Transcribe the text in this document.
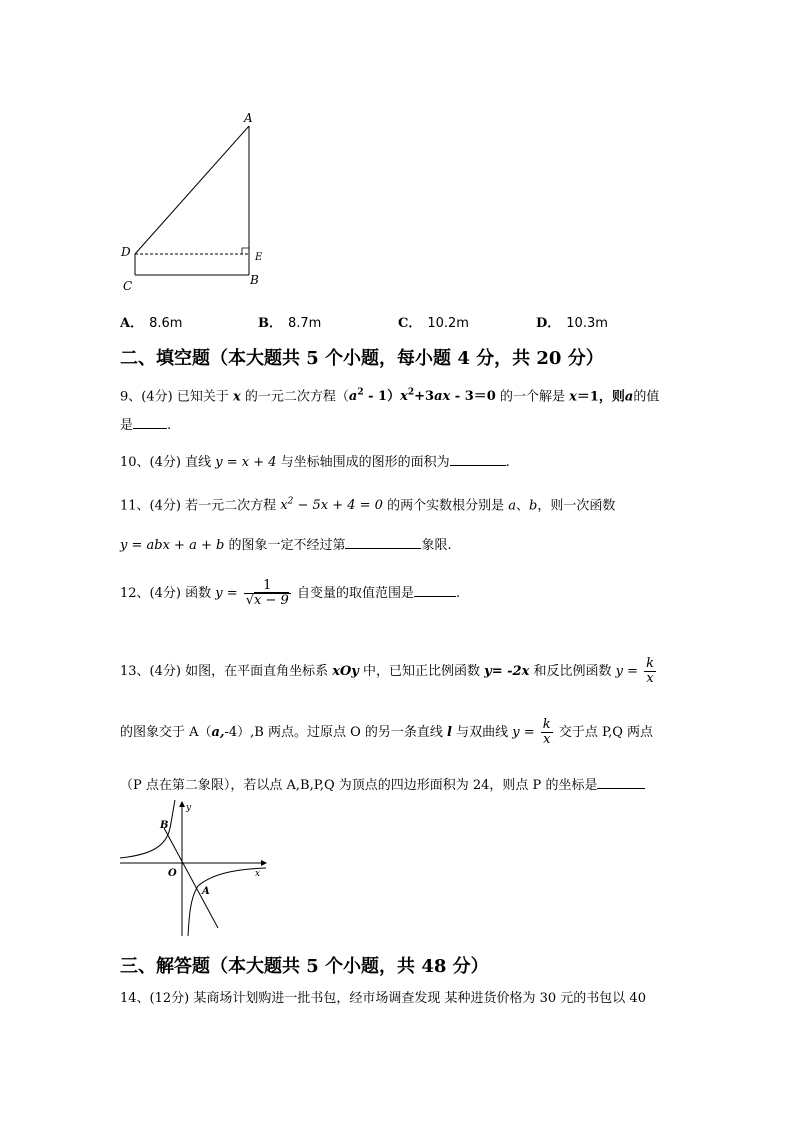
A
D	E
B
C
A． 8.6m	B． 8.7m	C． 10.2m	D． 10.3m
二、填空题（本大题共 5 个小题，每小题 4 分，共 20 分）
9、(4分) 已知关于 x 的一元二次方程$(a^2 - 1)x^2+3ax - 3=0$ 的一个解是 x＝1，则a的值
是	.
10、(4分) 直线 y = x + 4 与坐标轴围成的图形的面积为	.
11、(4分) 若一元二次方程 $x^2 - 5x + 4 = 0$ 的两个实数根分别是 a、b，则一次函数
y = abx + a + b 的图象一定不经过第	象限.
12、(4分) 函数 $y = \frac{1}{√x - 9}$ 自变量的取值范围是	.
13、(4分) 如图，在平面直角坐标系 xOy 中，已知正比例函数 y= -2x 和反比例函数 $y = \frac{k}{x}$
的图象交于 A（a,-4）,B 两点。过原点 O 的另一条直线 l 与双曲线 $y = \frac{k}{x}$ 交于点 P,Q 两点
（P 点在第二象限），若以点 A,B,P,Q 为顶点的四边形面积为 24，则点 P 的坐标是
B
O
A
x
y
三、解答题（本大题共 5 个小题，共 48 分）
14、(12分) 某商场计划购进一批书包，经市场调查发现 某种进货价格为 30 元的书包以 40
